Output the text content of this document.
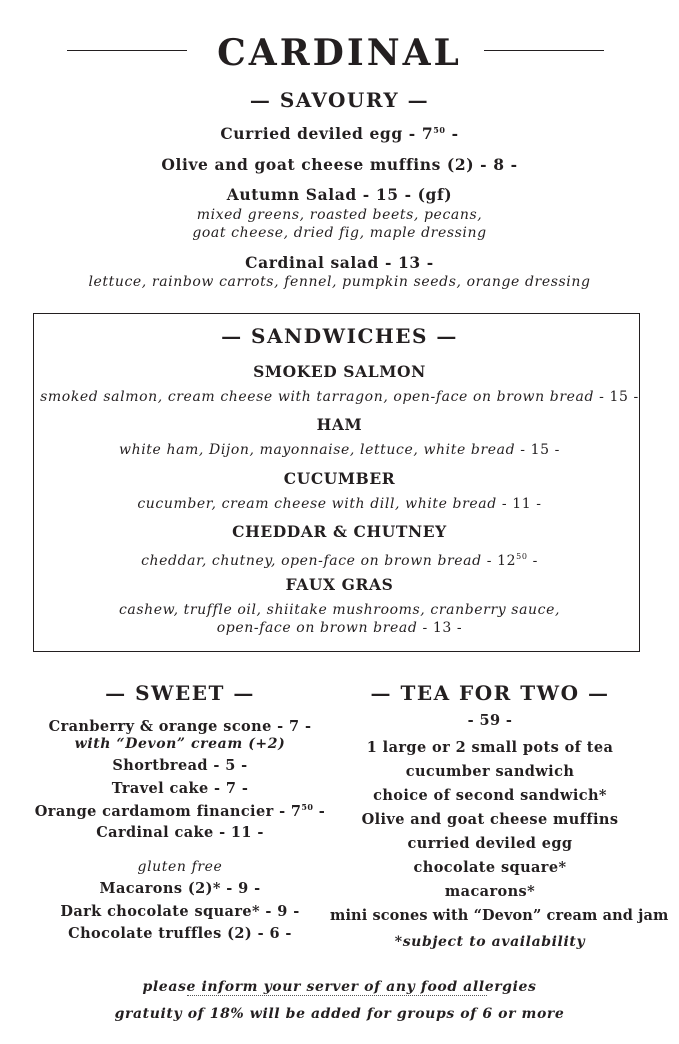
CARDINAL
— SAVOURY —
Curried deviled egg - $7^{50}$ -
Olive and goat cheese muffins (2) - 8 -
Autumn Salad - 15 - (gf)
mixed greens, roasted beets, pecans,
goat cheese, dried fig, maple dressing
Cardinal salad - 13 -
lettuce, rainbow carrots, fennel, pumpkin seeds, orange dressing
— SANDWICHES —
SMOKED SALMON
smoked salmon, cream cheese with tarragon, open-face on brown bread - 15 -
HAM
white ham, Dijon, mayonnaise, lettuce, white bread - 15 -
CUCUMBER
cucumber, cream cheese with dill, white bread - 11 -
CHEDDAR & CHUTNEY
cheddar, chutney, open-face on brown bread - $12^{50}$ -
FAUX GRAS
cashew, truffle oil, shiitake mushrooms, cranberry sauce,
open-face on brown bread - 13 -
— SWEET —
Cranberry & orange scone - 7 -
with “Devon” cream (+2)
Shortbread - 5 -
Travel cake - 7 -
Orange cardamom financier - $7^{50}$ -
Cardinal cake - 11 -
gluten free
Macarons (2)* - 9 -
Dark chocolate square* - 9 -
Chocolate truffles (2) - 6 -
— TEA FOR TWO —
- 59 -
1 large or 2 small pots of tea
cucumber sandwich
choice of second sandwich*
Olive and goat cheese muffins
curried deviled egg
chocolate square*
macarons*
mini scones with “Devon” cream and jam
*subject to availability
please inform your server of any food allergies
gratuity of 18% will be added for groups of 6 or more
